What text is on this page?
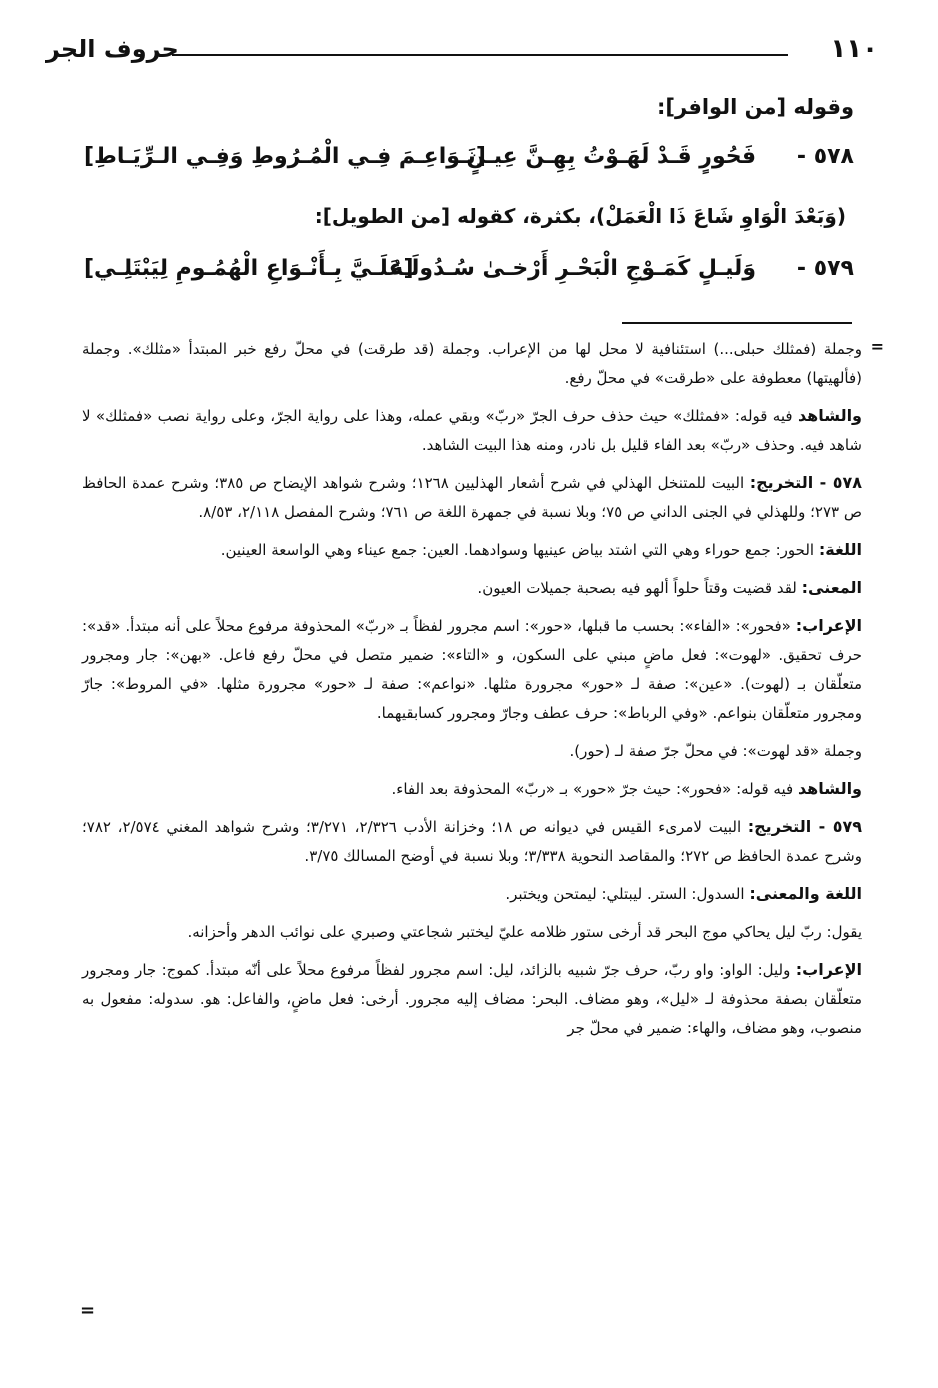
١١٠
حروف الجر
وقوله [من الوافر]:
٥٧٨ -
فَحُورٍ قَـدْ لَهَـوْتُ بِهِـنَّ عِيـنٍ
[نَـوَاعِـمَ فِـي الْمُـرُوطِ وَفِـي الـرِّيَـاطِ]
(وَبَعْدَ الْوَاوِ شَاعَ ذَا الْعَمَلْ)، بكثرة، كقوله [من الطويل]:
٥٧٩ -
وَلَيـلٍ كَمَـوْجِ الْبَحْـرِ أَرْخـىٰ سُـدُولَـهُ
[عَلَـيَّ بِـأَنْـوَاعِ الْهُمُـومِ لِيَبْتَلِـي]
=
وجملة (فمثلك حبلى...) استئنافية لا محل لها من الإعراب. وجملة (قد طرقت) في محلّ رفع خبر المبتدأ «مثلك». وجملة (فألهيتها) معطوفة على «طرقت» في محلّ رفع.
والشاهد فيه قوله: «فمثلك» حيث حذف حرف الجرّ «ربّ» وبقي عمله، وهذا على رواية الجرّ، وعلى رواية نصب «فمثلك» لا شاهد فيه. وحذف «ربّ» بعد الفاء قليل بل نادر، ومنه هذا البيت الشاهد.
٥٧٨ - التخريج: البيت للمتنخل الهذلي في شرح أشعار الهذليين ١٢٦٨؛ وشرح شواهد الإيضاح ص ٣٨٥؛ وشرح عمدة الحافظ ص ٢٧٣؛ وللهذلي في الجنى الداني ص ٧٥؛ وبلا نسبة في جمهرة اللغة ص ٧٦١؛ وشرح المفصل ٢/١١٨، ٨/٥٣.
اللغة: الحور: جمع حوراء وهي التي اشتد بياض عينيها وسوادهما. العين: جمع عيناء وهي الواسعة العينين.
المعنى: لقد قضيت وقتاً حلواً ألهو فيه بصحبة جميلات العيون.
الإعراب: «فحور»: «الفاء»: بحسب ما قبلها، «حور»: اسم مجرور لفظاً بـ «ربّ» المحذوفة مرفوع محلاً على أنه مبتدأ. «قد»: حرف تحقيق. «لهوت»: فعل ماضٍ مبني على السكون، و «التاء»: ضمير متصل في محلّ رفع فاعل. «بهن»: جار ومجرور متعلّقان بـ (لهوت). «عين»: صفة لـ «حور» مجرورة مثلها. «نواعم»: صفة لـ «حور» مجرورة مثلها. «في المروط»: جارّ ومجرور متعلّقان بنواعم. «وفي الرباط»: حرف عطف وجارّ ومجرور كسابقيهما.
وجملة «قد لهوت»: في محلّ جرّ صفة لـ (حور).
والشاهد فيه قوله: «فحور»: حيث جرّ «حور» بـ «ربّ» المحذوفة بعد الفاء.
٥٧٩ - التخريج: البيت لامرىء القيس في ديوانه ص ١٨؛ وخزانة الأدب ٢/٣٢٦، ٣/٢٧١؛ وشرح شواهد المغني ٢/٥٧٤، ٧٨٢؛ وشرح عمدة الحافظ ص ٢٧٢؛ والمقاصد النحوية ٣/٣٣٨؛ وبلا نسبة في أوضح المسالك ٣/٧٥.
اللغة والمعنى: السدول: الستر. ليبتلي: ليمتحن ويختبر.
يقول: ربّ ليل يحاكي موج البحر قد أرخى ستور ظلامه عليّ ليختبر شجاعتي وصبري على نوائب الدهر وأحزانه.
الإعراب: وليل: الواو: واو ربّ، حرف جرّ شبيه بالزائد، ليل: اسم مجرور لفظاً مرفوع محلاً على أنّه مبتدأ. كموج: جار ومجرور متعلّقان بصفة محذوفة لـ «ليل»، وهو مضاف. البحر: مضاف إليه مجرور. أرخى: فعل ماضٍ، والفاعل: هو. سدوله: مفعول به منصوب، وهو مضاف، والهاء: ضمير في محلّ جر
=
